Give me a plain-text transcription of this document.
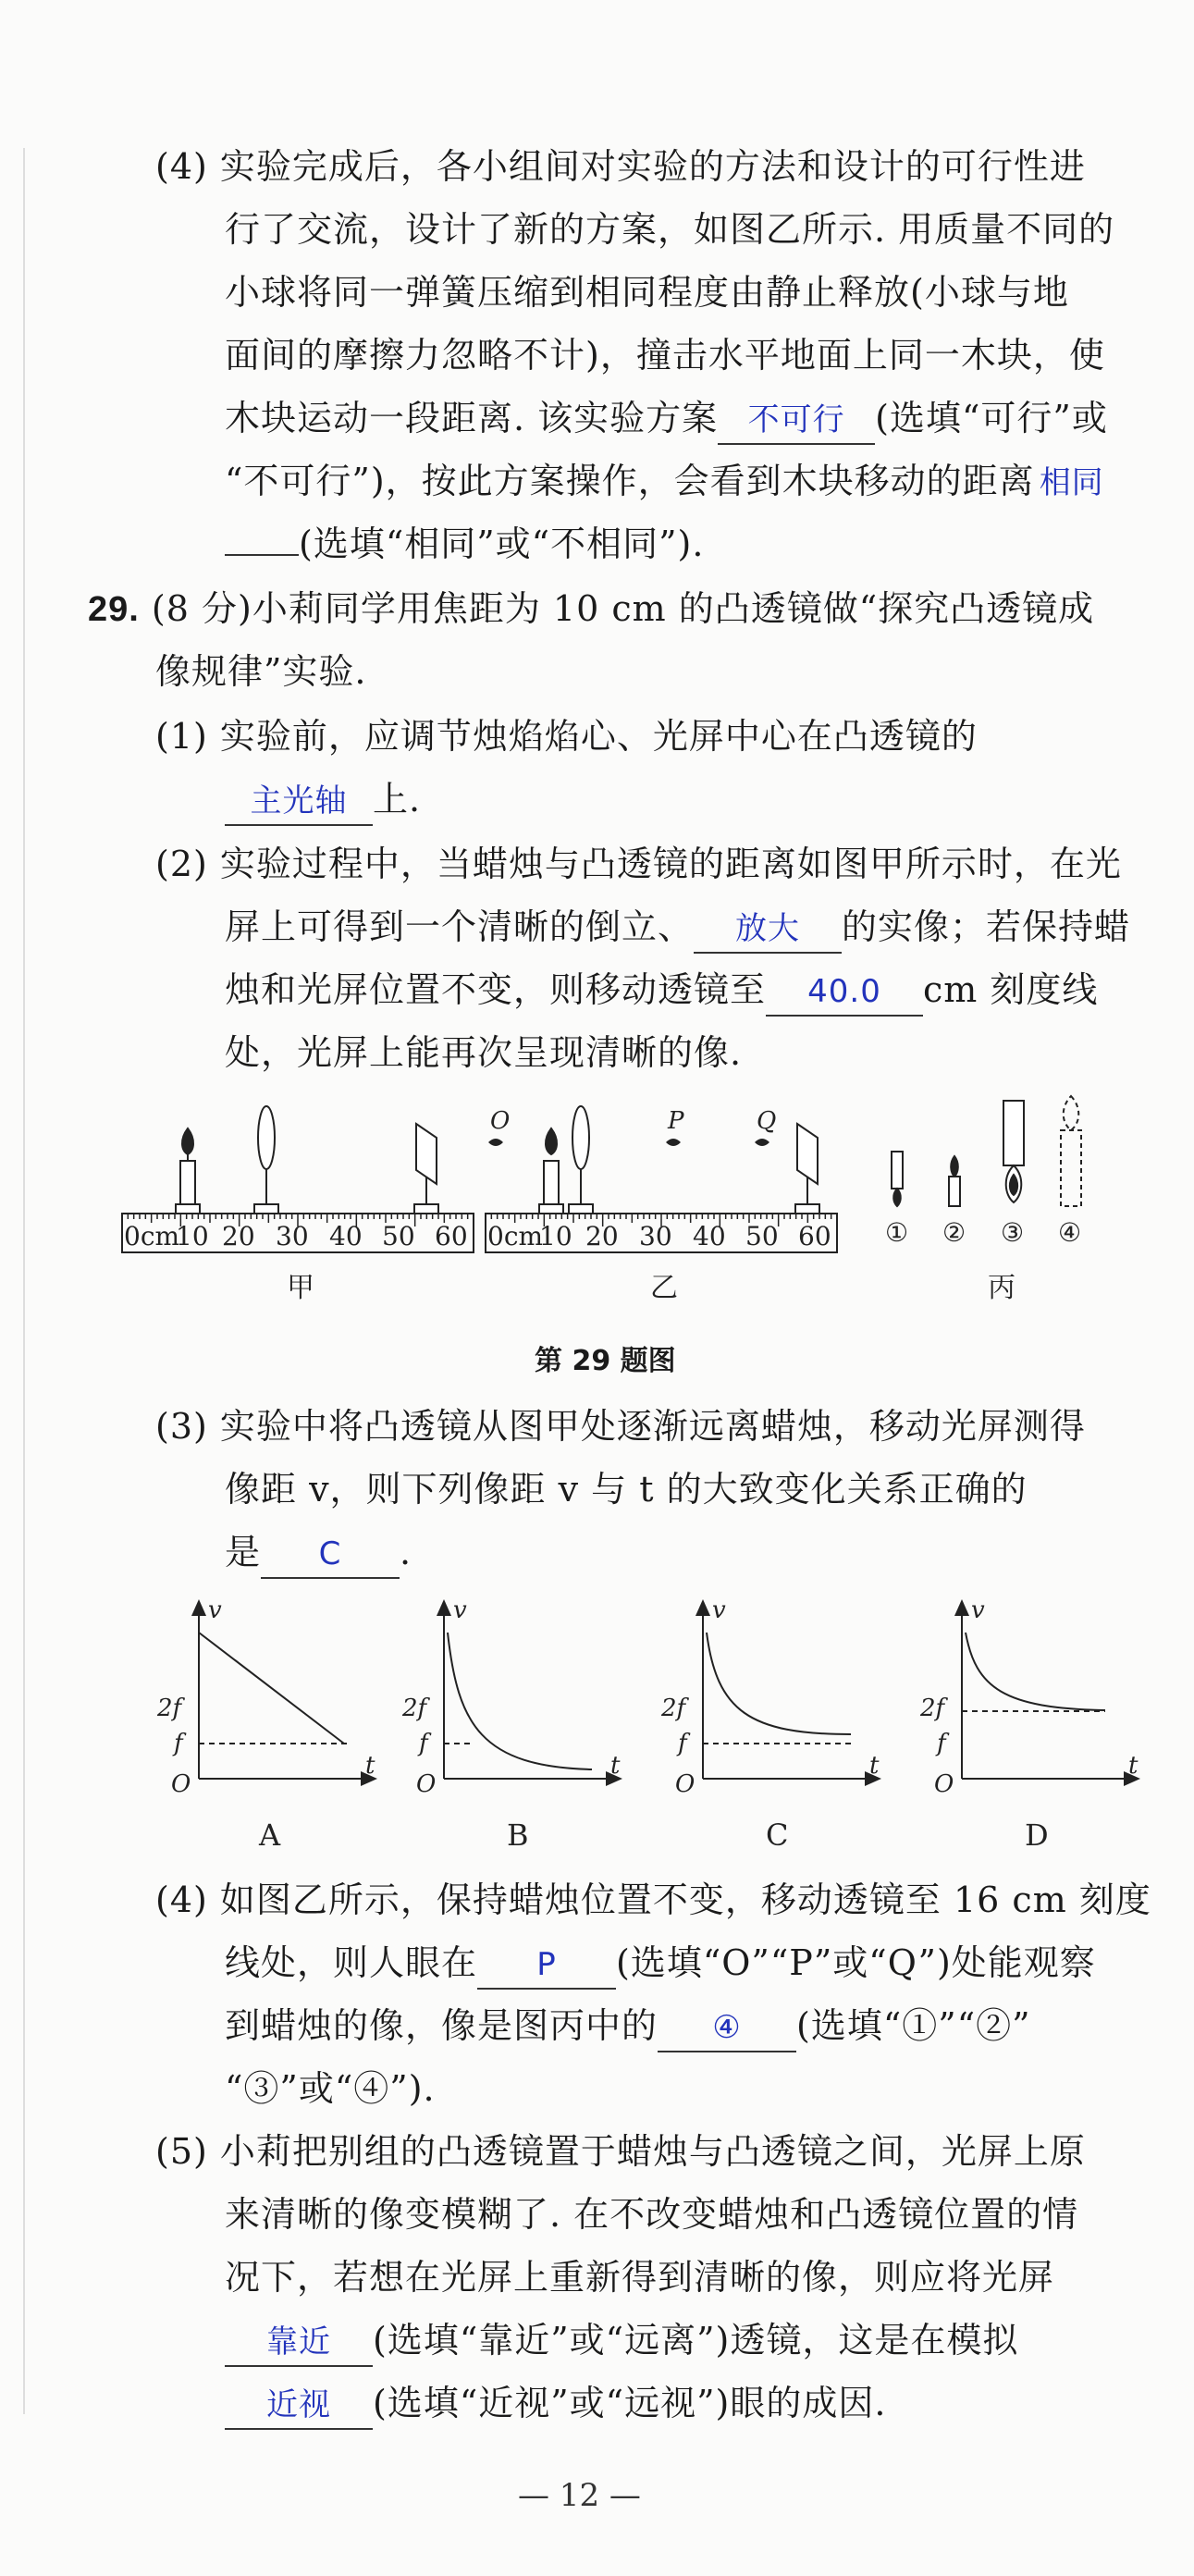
(4) 实验完成后，各小组间对实验的方法和设计的可行性进
行了交流，设计了新的方案，如图乙所示. 用质量不同的
小球将同一弹簧压缩到相同程度由静止释放(小球与地
面间的摩擦力忽略不计)，撞击水平地面上同一木块，使
木块运动一段距离. 该实验方案 不可行 (选填“可行”或
“不可行”)，按此方案操作，会看到木块移动的距离 相同
(选填“相同”或“不相同”).
29. (8 分)小莉同学用焦距为 10 cm 的凸透镜做“探究凸透镜成
像规律”实验.
(1) 实验前，应调节烛焰焰心、光屏中心在凸透镜的
主光轴 上.
(2) 实验过程中，当蜡烛与凸透镜的距离如图甲所示时，在光
屏上可得到一个清晰的倒立、 放大 的实像；若保持蜡
烛和光屏位置不变，则移动透镜至 40.0 cm 刻度线
处，光屏上能再次呈现清晰的像.
0cm
10 20 30 40 50 60 0cm
10 20 30 40 50 60
O	P	Q
① ② ③ ④
甲	乙	丙
第 29 题图
(3) 实验中将凸透镜从图甲处逐渐远离蜡烛，移动光屏测得
像距 v，则下列像距 v 与 t 的大致变化关系正确的
是 C .
v
t
O
2f
f
v
t
O
2f
f
v
t
O
2f
f
v
t
O
2f
f
A	B	C	D
(4) 如图乙所示，保持蜡烛位置不变，移动透镜至 16 cm 刻度
线处，则人眼在 P (选填“O”“P”或“Q”)处能观察
到蜡烛的像，像是图丙中的 ④ (选填“①”“②”
“③”或“④”).
(5) 小莉把别组的凸透镜置于蜡烛与凸透镜之间，光屏上原
来清晰的像变模糊了. 在不改变蜡烛和凸透镜位置的情
况下，若想在光屏上重新得到清晰的像，则应将光屏
靠近 (选填“靠近”或“远离”)透镜，这是在模拟
近视 (选填“近视”或“远视”)眼的成因.
— 12 —
